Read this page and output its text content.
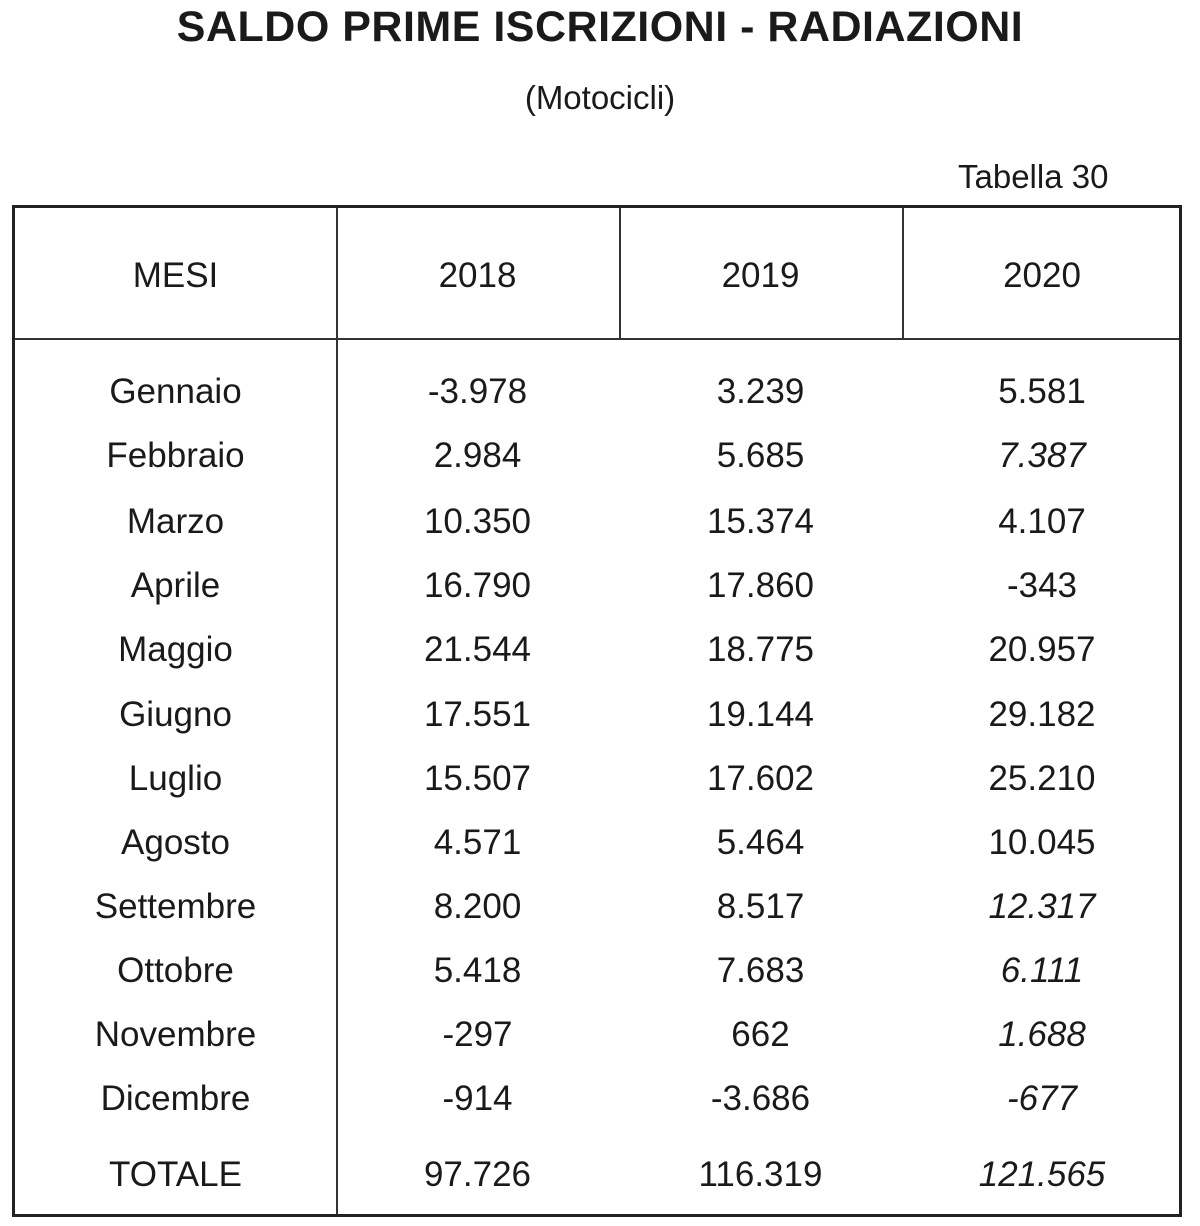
SALDO PRIME ISCRIZIONI - RADIAZIONI
(Motocicli)
Tabella 30
MESI	2018	2019	2020
Gennaio	-3.978	3.239	5.581
Febbraio	2.984	5.685	7.387
Marzo	10.350	15.374	4.107
Aprile	16.790	17.860	-343
Maggio	21.544	18.775	20.957
Giugno	17.551	19.144	29.182
Luglio	15.507	17.602	25.210
Agosto	4.571	5.464	10.045
Settembre	8.200	8.517	12.317
Ottobre	5.418	7.683	6.111
Novembre	-297	662	1.688
Dicembre	-914	-3.686	-677
TOTALE	97.726	116.319	121.565
